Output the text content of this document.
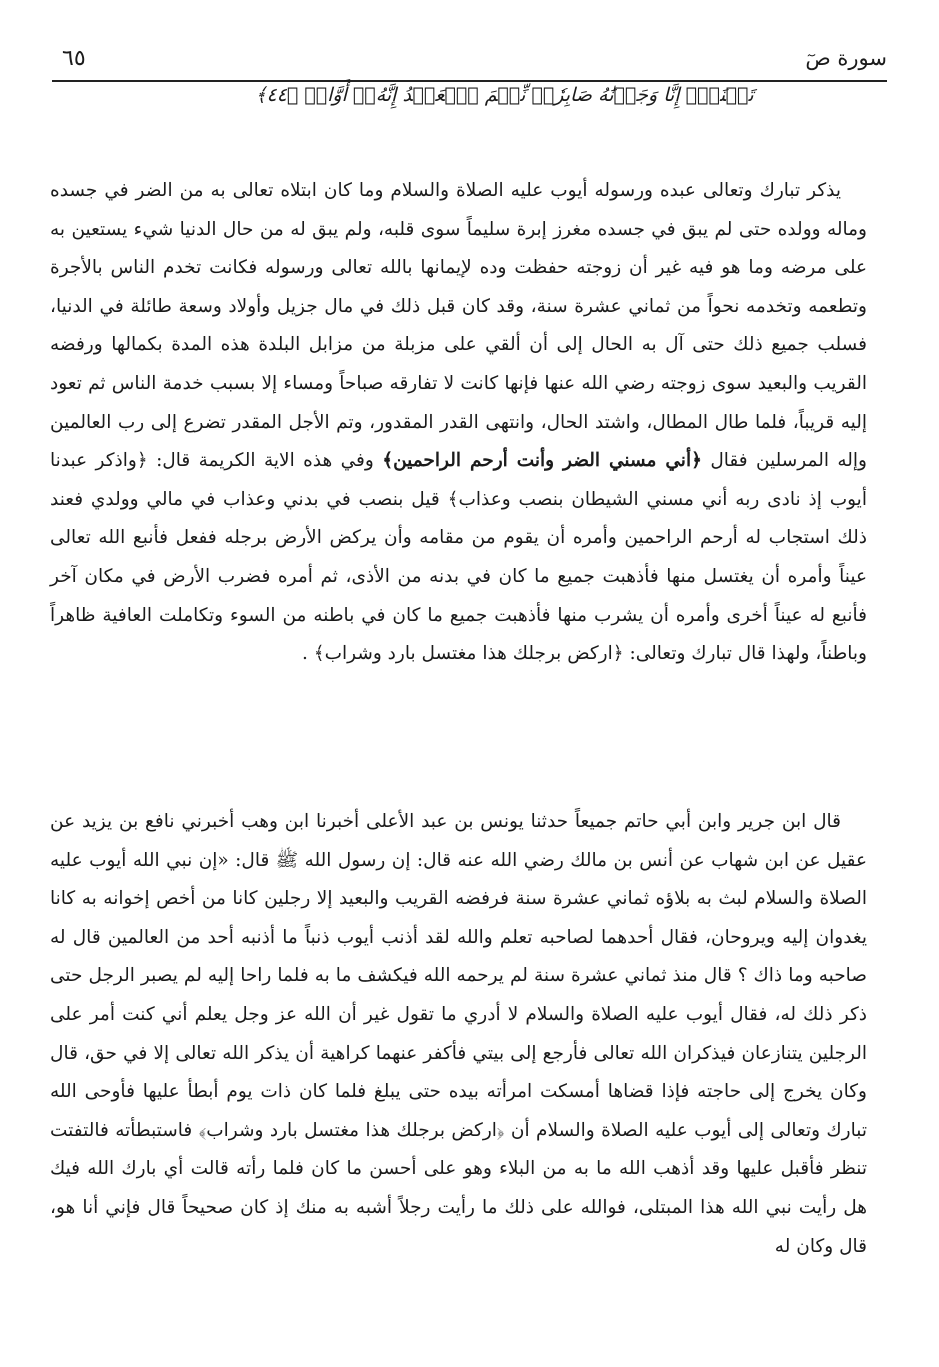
٦٥	سورة صٓ
تَحۡنَثۡۗ إِنَّا وَجَدۡنَٰهُ صَابِرٗاۚ نِّعۡمَ ٱلۡعَبۡدُ إِنَّهُۥٓ أَوَّابٞ ﴿٤٤﴾

يذكر تبارك وتعالى عبده ورسوله أيوب عليه الصلاة والسلام وما كان ابتلاه تعالى به من الضر في جسده وماله وولده حتى لم يبق في جسده مغرز إبرة سليماً سوى قلبه، ولم يبق له من حال الدنيا شيء يستعين به على مرضه وما هو فيه غير أن زوجته حفظت وده لإيمانها بالله تعالى ورسوله فكانت تخدم الناس بالأجرة وتطعمه وتخدمه نحواً من ثماني عشرة سنة، وقد كان قبل ذلك في مال جزيل وأولاد وسعة طائلة في الدنيا، فسلب جميع ذلك حتى آل به الحال إلى أن ألقي على مزبلة من مزابل البلدة هذه المدة بكمالها ورفضه القريب والبعيد سوى زوجته رضي الله عنها فإنها كانت لا تفارقه صباحاً ومساء إلا بسبب خدمة الناس ثم تعود إليه قريباً، فلما طال المطال، واشتد الحال، وانتهى القدر المقدور، وتم الأجل المقدر تضرع إلى رب العالمين وإله المرسلين فقال ﴿أني مسني الضر وأنت أرحم الراحمين﴾ وفي هذه الاية الكريمة قال: ﴿واذكر عبدنا أيوب إذ نادى ربه أني مسني الشيطان بنصب وعذاب﴾ قيل بنصب في بدني وعذاب في مالي وولدي فعند ذلك استجاب له أرحم الراحمين وأمره أن يقوم من مقامه وأن يركض الأرض برجله ففعل فأنبع الله تعالى عيناً وأمره أن يغتسل منها فأذهبت جميع ما كان في بدنه من الأذى، ثم أمره فضرب الأرض في مكان آخر فأنبع له عيناً أخرى وأمره أن يشرب منها فأذهبت جميع ما كان في باطنه من السوء وتكاملت العافية ظاهراً وباطناً، ولهذا قال تبارك وتعالى: ﴿اركض برجلك هذا مغتسل بارد وشراب﴾ .

قال ابن جرير وابن أبي حاتم جميعاً حدثنا يونس بن عبد الأعلى أخبرنا ابن وهب أخبرني نافع بن يزيد عن عقيل عن ابن شهاب عن أنس بن مالك رضي الله عنه قال: إن رسول الله ﷺ قال: «إن نبي الله أيوب عليه الصلاة والسلام لبث به بلاؤه ثماني عشرة سنة فرفضه القريب والبعيد إلا رجلين كانا من أخص إخوانه به كانا يغدوان إليه ويروحان، فقال أحدهما لصاحبه تعلم والله لقد أذنب أيوب ذنباً ما أذنبه أحد من العالمين قال له صاحبه وما ذاك ؟ قال منذ ثماني عشرة سنة لم يرحمه الله فيكشف ما به فلما راحا إليه لم يصبر الرجل حتى ذكر ذلك له، فقال أيوب عليه الصلاة والسلام لا أدري ما تقول غير أن الله عز وجل يعلم أني كنت أمر على الرجلين يتنازعان فيذكران الله تعالى فأرجع إلى بيتي فأكفر عنهما كراهية أن يذكر الله تعالى إلا في حق، قال وكان يخرج إلى حاجته فإذا قضاها أمسكت امرأته بيده حتى يبلغ فلما كان ذات يوم أبطأ عليها فأوحى الله تبارك وتعالى إلى أيوب عليه الصلاة والسلام أن ﴿اركض برجلك هذا مغتسل بارد وشراب﴾ فاستبطأته فالتفتت تنظر فأقبل عليها وقد أذهب الله ما به من البلاء وهو على أحسن ما كان فلما رأته قالت أي بارك الله فيك هل رأيت نبي الله هذا المبتلى، فوالله على ذلك ما رأيت رجلاً أشبه به منك إذ كان صحيحاً قال فإني أنا هو، قال وكان له
